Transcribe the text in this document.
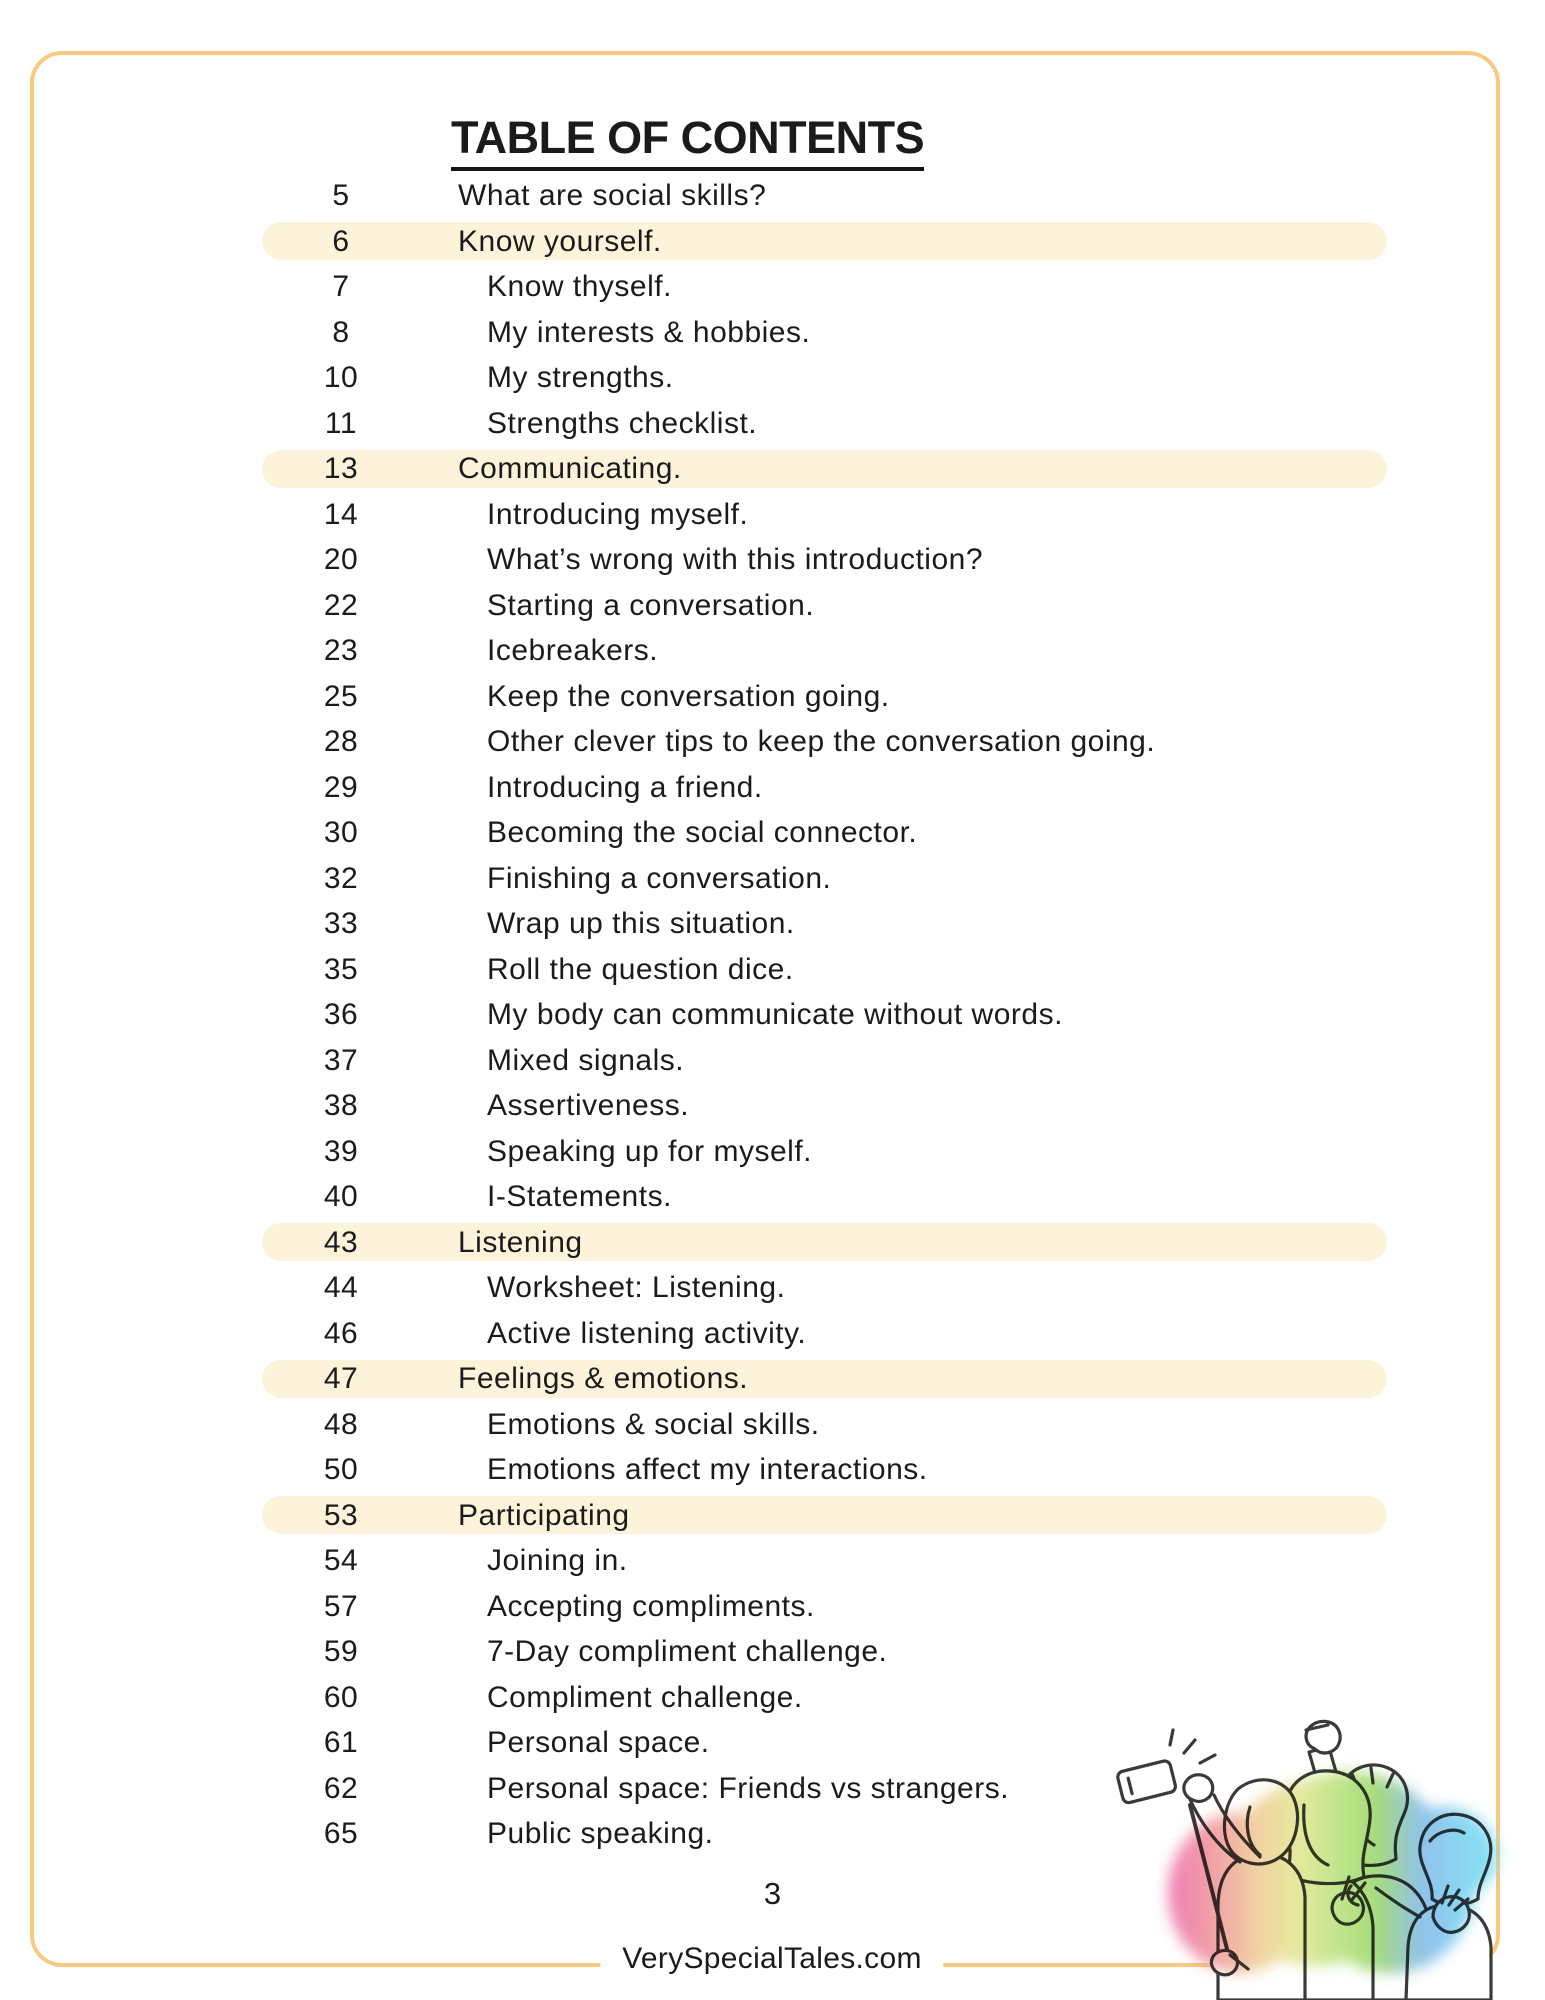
TABLE OF CONTENTS
5	What are social skills?
6	Know yourself.
7	Know thyself.
8	My interests & hobbies.
10	My strengths.
11	Strengths checklist.
13	Communicating.
14	Introducing myself.
20	What’s wrong with this introduction?
22	Starting a conversation.
23	Icebreakers.
25	Keep the conversation going.
28	Other clever tips to keep the conversation going.
29	Introducing a friend.
30	Becoming the social connector.
32	Finishing a conversation.
33	Wrap up this situation.
35	Roll the question dice.
36	My body can communicate without words.
37	Mixed signals.
38	Assertiveness.
39	Speaking up for myself.
40	I-Statements.
43	Listening
44	Worksheet: Listening.
46	Active listening activity.
47	Feelings & emotions.
48	Emotions & social skills.
50	Emotions affect my interactions.
53	Participating
54	Joining in.
57	Accepting compliments.
59	7-Day compliment challenge.
60	Compliment challenge.
61	Personal space.
62	Personal space: Friends vs strangers.
65	Public speaking.
3
VerySpecialTales.com
